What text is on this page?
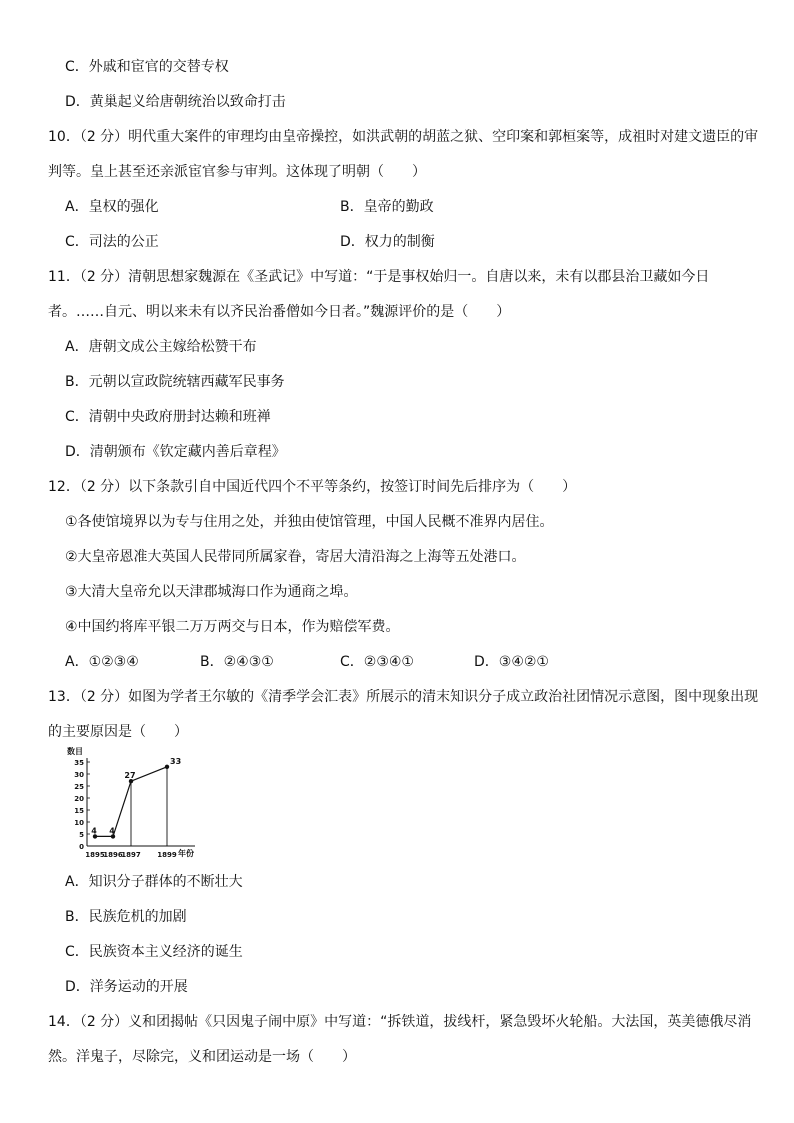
C．外戚和宦官的交替专权
D．黄巢起义给唐朝统治以致命打击
10．（2 分）明代重大案件的审理均由皇帝操控，如洪武朝的胡蓝之狱、空印案和郭桓案等，成祖时对建文遗臣的审
判等。皇上甚至还亲派宦官参与审判。这体现了明朝（　　）
A．皇权的强化	B．皇帝的勤政
C．司法的公正	D．权力的制衡
11．（2 分）清朝思想家魏源在《圣武记》中写道：“于是事权始归一。自唐以来，未有以郡县治卫藏如今日
者。……自元、明以来未有以齐民治番僧如今日者。”魏源评价的是（　　）
A．唐朝文成公主嫁给松赞干布
B．元朝以宣政院统辖西藏军民事务
C．清朝中央政府册封达赖和班禅
D．清朝颁布《钦定藏内善后章程》
12．（2 分）以下条款引自中国近代四个不平等条约，按签订时间先后排序为（　　）
①各使馆境界以为专与住用之处，并独由使馆管理，中国人民概不准界内居住。
②大皇帝恩准大英国人民带同所属家眷，寄居大清沿海之上海等五处港口。
③大清大皇帝允以天津郡城海口作为通商之埠。
④中国约将库平银二万万两交与日本，作为赔偿军费。
A．①②③④	B．②④③①	C．②③④①	D．③④②①
13．（2 分）如图为学者王尔敏的《清季学会汇表》所展示的清末知识分子成立政治社团情况示意图，图中现象出现
的主要原因是（　　）
0
5
10
15
20
25
30
35
1895
1896
1897 1899
4 4
27
33
数目
年份
A．知识分子群体的不断壮大
B．民族危机的加剧
C．民族资本主义经济的诞生
D．洋务运动的开展
14．（2 分）义和团揭帖《只因鬼子闹中原》中写道：“拆铁道，拔线杆，紧急毁坏火轮船。大法国，英美德俄尽消
然。洋鬼子，尽除完，义和团运动是一场（　　）
